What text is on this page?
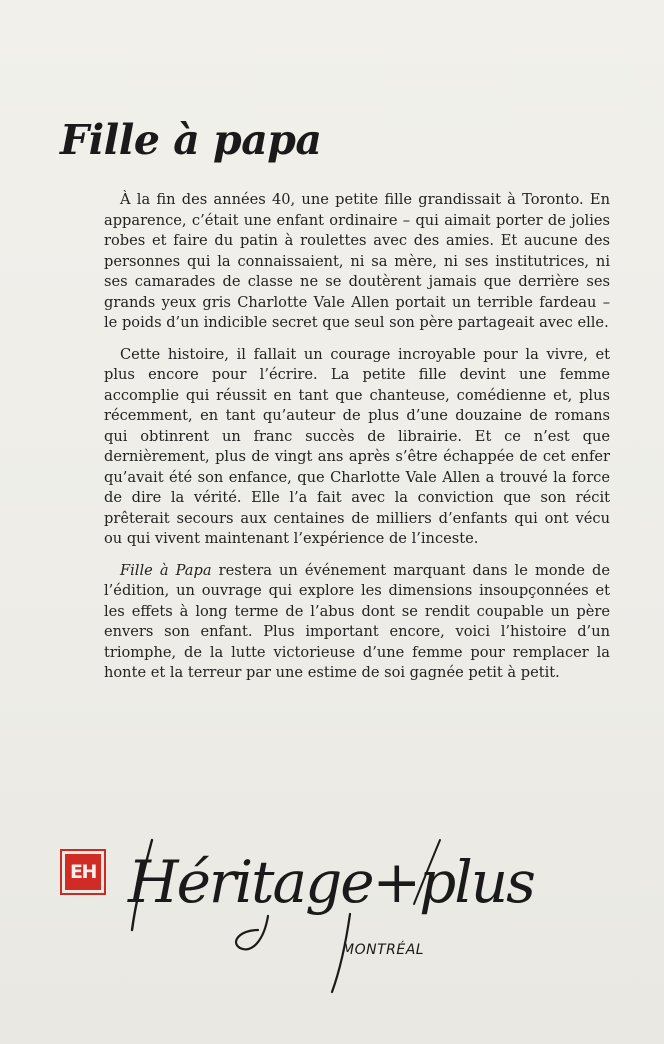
Fille à papa

À la fin des années 40, une petite fille grandissait à Toronto. En apparence, c’était une enfant ordinaire – qui aimait porter de jolies robes et faire du patin à roulettes avec des amies. Et aucune des personnes qui la connaissaient, ni sa mère, ni ses institutrices, ni ses camarades de classe ne se doutèrent jamais que derrière ses grands yeux gris Charlotte Vale Allen portait un terrible fardeau – le poids d’un indicible secret que seul son père partageait avec elle.

Cette histoire, il fallait un courage incroyable pour la vivre, et plus encore pour l’écrire. La petite fille devint une femme accomplie qui réussit en tant que chanteuse, comédienne et, plus récemment, en tant qu’auteur de plus d’une douzaine de romans qui obtinrent un franc succès de librairie. Et ce n’est que dernièrement, plus de vingt ans après s’être échappée de cet enfer qu’avait été son enfance, que Charlotte Vale Allen a trouvé la force de dire la vérité. Elle l’a fait avec la conviction que son récit prêterait secours aux centaines de milliers d’enfants qui ont vécu ou qui vivent maintenant l’expérience de l’inceste.

Fille à Papa restera un événement marquant dans le monde de l’édition, un ouvrage qui explore les dimensions insoupçonnées et les effets à long terme de l’abus dont se rendit coupable un père envers son enfant. Plus important encore, voici l’histoire d’un triomphe, de la lutte victorieuse d’une femme pour remplacer la honte et la terreur par une estime de soi gagnée petit à petit.

EH Héritage+plus
MONTRÉAL
